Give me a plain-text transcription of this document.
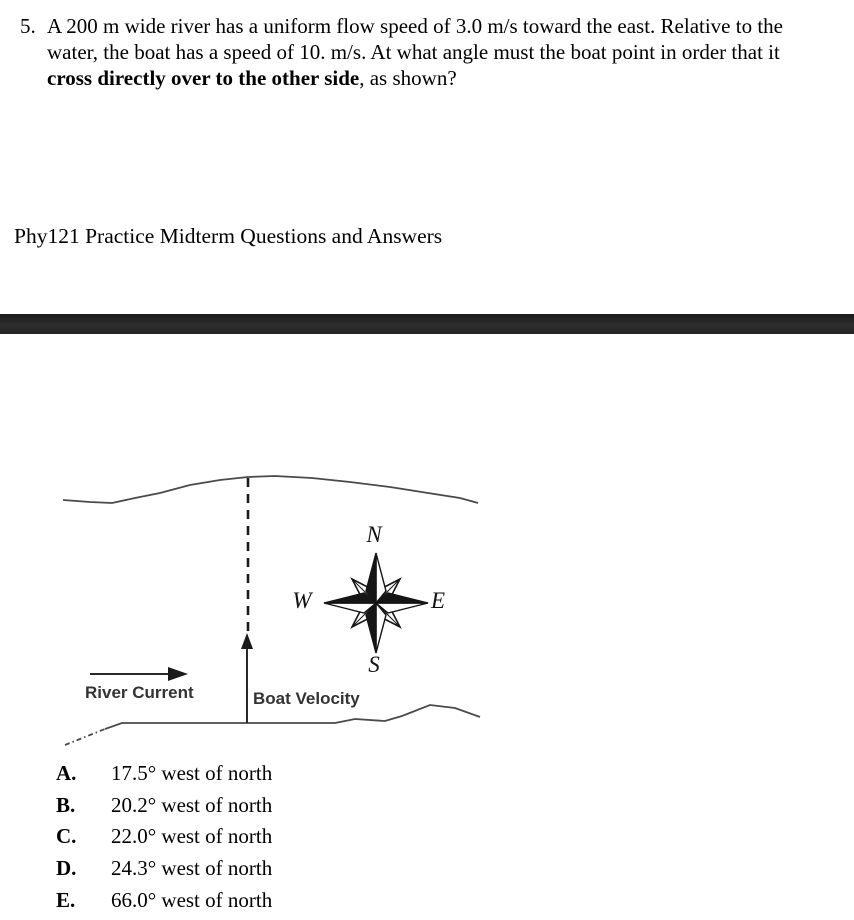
5. A 200 m wide river has a uniform flow speed of 3.0 m/s toward the east. Relative to the
water, the boat has a speed of 10. m/s. At what angle must the boat point in order that it
cross directly over to the other side, as shown?
Phy121 Practice Midterm Questions and Answers
N
W	E
S
River Current	Boat Velocity
A.	17.5° west of north
B.	20.2° west of north
C.	22.0° west of north
D.	24.3° west of north
E.	66.0° west of north
